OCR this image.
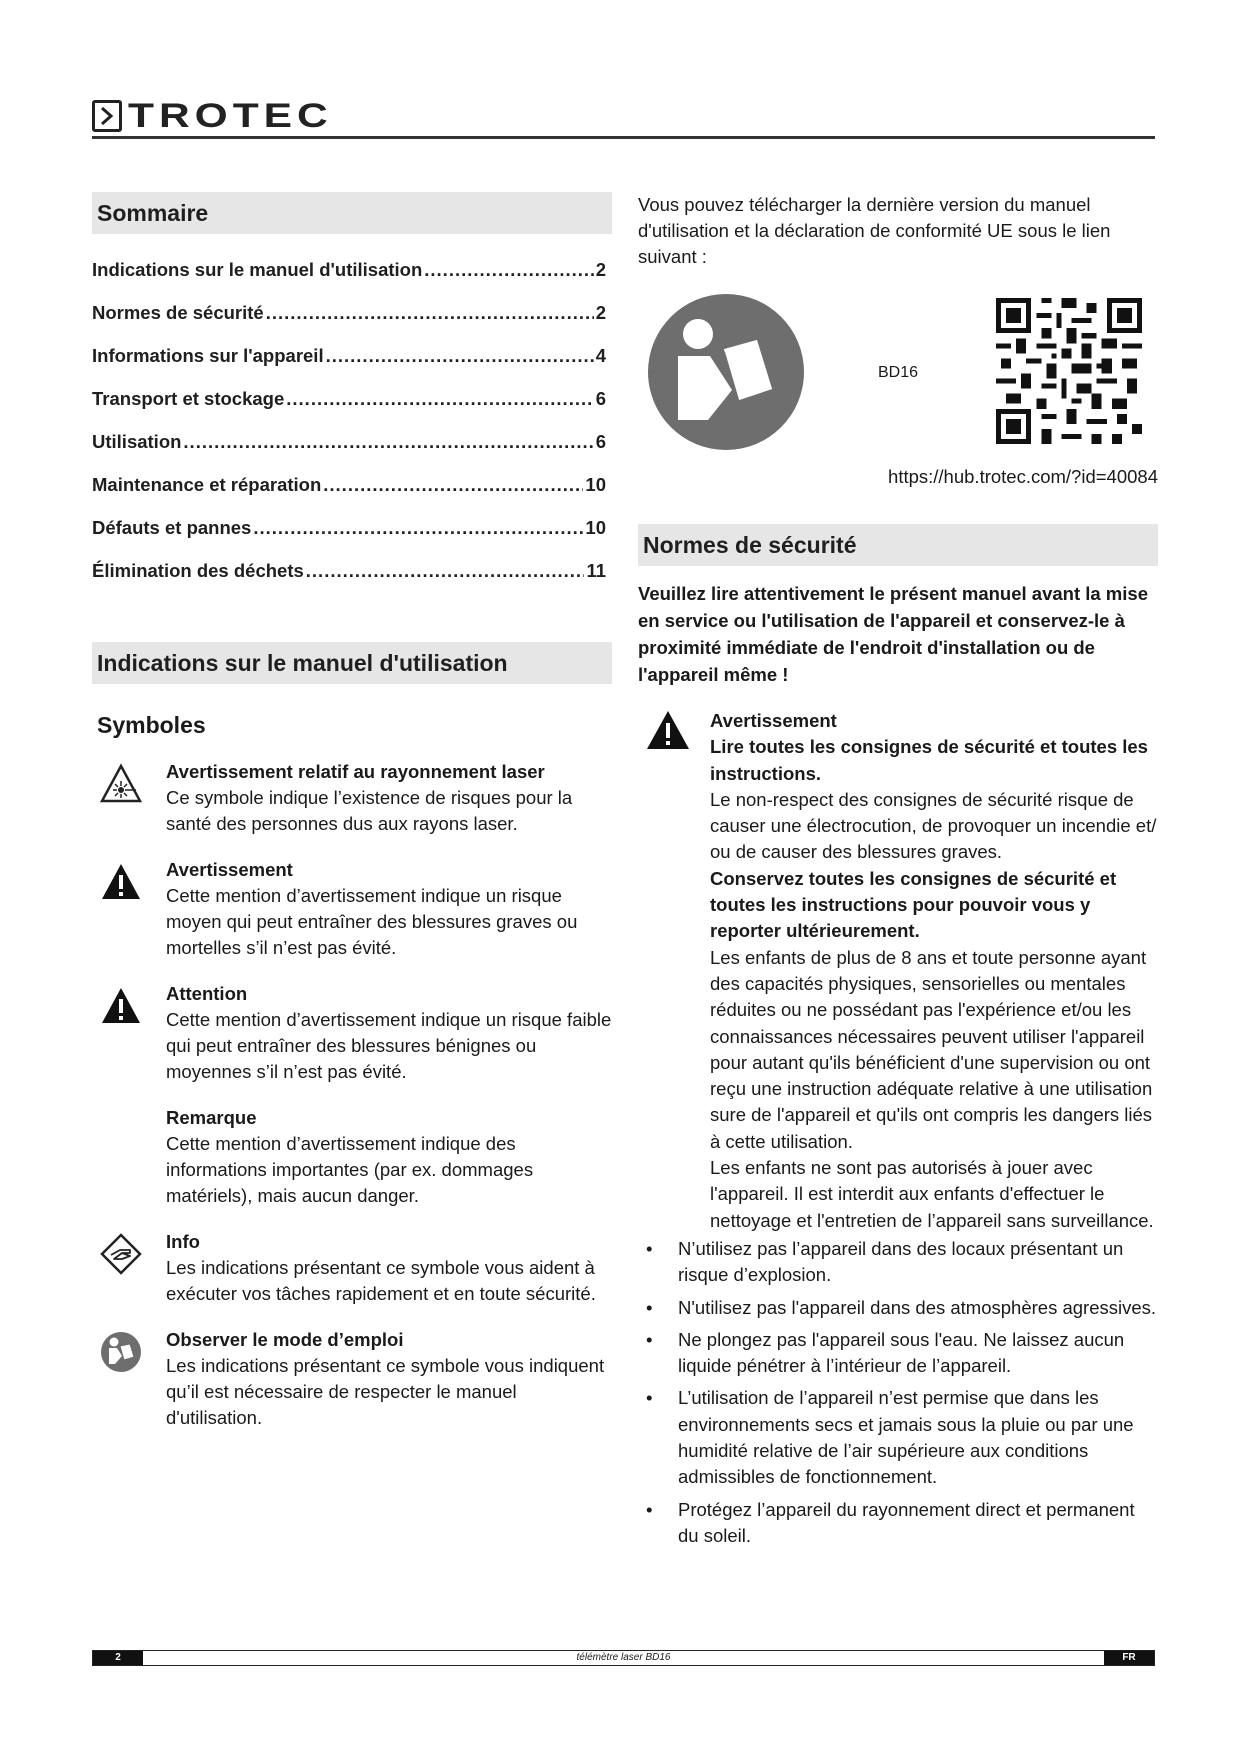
TROTEC
Sommaire
Indications sur le manuel d'utilisation .....	2
Normes de sécurité .....	2
Informations sur l'appareil .....	4
Transport et stockage .....	6
Utilisation .....	6
Maintenance et réparation .....	10
Défauts et pannes .....	10
Élimination des déchets .....	11
Indications sur le manuel d'utilisation
Symboles
Avertissement relatif au rayonnement laser
Ce symbole indique l’existence de risques pour la santé des personnes dus aux rayons laser.
Avertissement
Cette mention d’avertissement indique un risque moyen qui peut entraîner des blessures graves ou mortelles s’il n’est pas évité.
Attention
Cette mention d’avertissement indique un risque faible qui peut entraîner des blessures bénignes ou moyennes s’il n’est pas évité.
Remarque
Cette mention d’avertissement indique des informations importantes (par ex. dommages matériels), mais aucun danger.
Info
Les indications présentant ce symbole vous aident à exécuter vos tâches rapidement et en toute sécurité.
Observer le mode d’emploi
Les indications présentant ce symbole vous indiquent qu’il est nécessaire de respecter le manuel d'utilisation.
Vous pouvez télécharger la dernière version du manuel d'utilisation et la déclaration de conformité UE sous le lien suivant :
BD16
https://hub.trotec.com/?id=40084
Normes de sécurité
Veuillez lire attentivement le présent manuel avant la mise en service ou l'utilisation de l'appareil et conservez-le à proximité immédiate de l'endroit d'installation ou de l'appareil même !
Avertissement
Lire toutes les consignes de sécurité et toutes les instructions.
Le non-respect des consignes de sécurité risque de causer une électrocution, de provoquer un incendie et/ ou de causer des blessures graves.
Conservez toutes les consignes de sécurité et toutes les instructions pour pouvoir vous y reporter ultérieurement.
Les enfants de plus de 8 ans et toute personne ayant des capacités physiques, sensorielles ou mentales réduites ou ne possédant pas l'expérience et/ou les connaissances nécessaires peuvent utiliser l'appareil pour autant qu'ils bénéficient d'une supervision ou ont reçu une instruction adéquate relative à une utilisation sure de l'appareil et qu'ils ont compris les dangers liés à cette utilisation.
Les enfants ne sont pas autorisés à jouer avec l'appareil. Il est interdit aux enfants d'effectuer le nettoyage et l'entretien de l’appareil sans surveillance.
• N’utilisez pas l’appareil dans des locaux présentant un risque d’explosion.
• N'utilisez pas l'appareil dans des atmosphères agressives.
• Ne plongez pas l'appareil sous l'eau. Ne laissez aucun liquide pénétrer à l’intérieur de l’appareil.
• L’utilisation de l’appareil n’est permise que dans les environnements secs et jamais sous la pluie ou par une humidité relative de l’air supérieure aux conditions admissibles de fonctionnement.
• Protégez l’appareil du rayonnement direct et permanent du soleil.
2	télémètre laser BD16	FR
